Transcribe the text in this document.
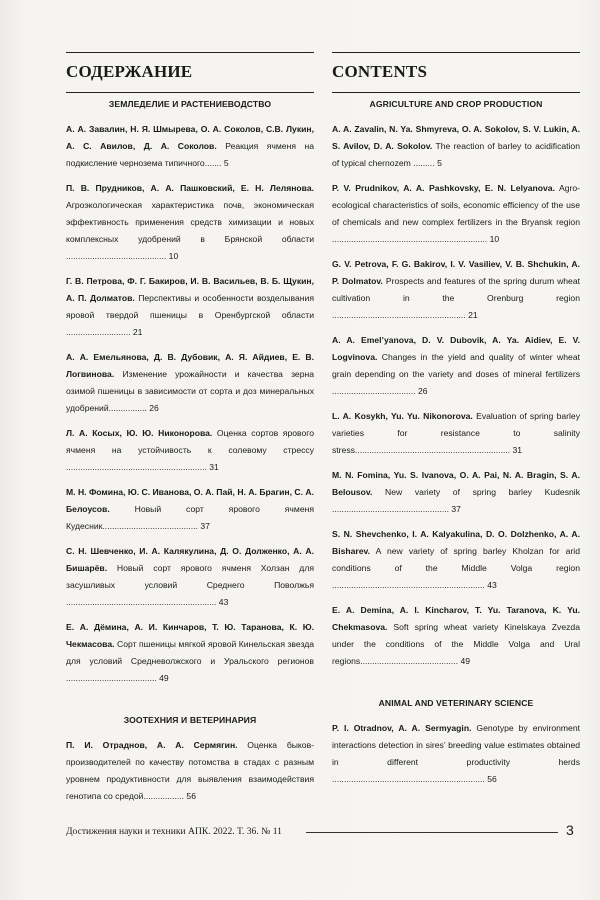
СОДЕРЖАНИЕ
ЗЕМЛЕДЕЛИЕ И РАСТЕНИЕВОДСТВО
А. А. Завалин, Н. Я. Шмырева, О. А. Соколов, С.В. Лукин, А. С. Авилов, Д. А. Соколов. Реакция ячменя на подкисление чернозема типичного....... 5
П. В. Прудников, А. А. Пашковский, Е. Н. Лелянова. Агроэкологическая характеристика почв, экономическая эффективность применения средств химизации и новых комплексных удобрений в Брянской области .......................................... 10
Г. В. Петрова, Ф. Г. Бакиров, И. В. Васильев, В. Б. Щукин, А. П. Долматов. Перспективы и особенности возделывания яровой твердой пшеницы в Оренбургской области ........................... 21
А. А. Емельянова, Д. В. Дубовик, А. Я. Айдиев, Е. В. Логвинова. Изменение урожайности и качества зерна озимой пшеницы в зависимости от сорта и доз минеральных удобрений................ 26
Л. А. Косых, Ю. Ю. Никонорова. Оценка сортов ярового ячменя на устойчивость к солевому стрессу ........................................................... 31
М. Н. Фомина, Ю. С. Иванова, О. А. Пай, Н. А. Брагин, С. А. Белоусов. Новый сорт ярового ячменя Кудесник........................................ 37
С. Н. Шевченко, И. А. Калякулина, Д. О. Долженко, А. А. Бишарёв. Новый сорт ярового ячменя Холзан для засушливых условий Среднего Поволжья ............................................................... 43
Е. А. Дёмина, А. И. Кинчаров, Т. Ю. Таранова, К. Ю. Чекмасова. Сорт пшеницы мягкой яровой Кинельская звезда для условий Средневолжского и Уральского регионов ...................................... 49
ЗООТЕХНИЯ И ВЕТЕРИНАРИЯ
П. И. Отраднов, А. А. Сермягин. Оценка быков-производителей по качеству потомства в стадах с разным уровнем продуктивности для выявления взаимодействия генотипа со средой................. 56
CONTENTS
AGRICULTURE AND CROP PRODUCTION
A. A. Zavalin, N. Ya. Shmyreva, O. A. Sokolov, S. V. Lukin, A. S. Avilov, D. A. Sokolov. The reaction of barley to acidification of typical chernozem ......... 5
P. V. Prudnikov, A. A. Pashkovsky, E. N. Lelyanova. Agro-ecological characteristics of soils, economic efficiency of the use of chemicals and new complex fertilizers in the Bryansk region ................................................................. 10
G. V. Petrova, F. G. Bakirov, I. V. Vasiliev, V. B. Shchukin, A. P. Dolmatov. Prospects and features of the spring durum wheat cultivation in the Orenburg region ........................................................ 21
A. A. Emel’yanova, D. V. Dubovik, A. Ya. Aidiev, E. V. Logvinova. Changes in the yield and quality of winter wheat grain depending on the variety and doses of mineral fertilizers ................................... 26
L. A. Kosykh, Yu. Yu. Nikonorova. Evaluation of spring barley varieties for resistance to salinity stress................................................................. 31
M. N. Fomina, Yu. S. Ivanova, O. A. Pai, N. A. Bragin, S. A. Belousov. New variety of spring barley Kudesnik ................................................. 37
S. N. Shevchenko, I. A. Kalyakulina, D. O. Dolzhenko, A. A. Bisharev. A new variety of spring barley Kholzan for arid conditions of the Middle Volga region ................................................................ 43
E. A. Demina, A. I. Kincharov, T. Yu. Taranova, K. Yu. Chekmasova. Soft spring wheat variety Kinelskaya Zvezda under the conditions of the Middle Volga and Ural regions......................................... 49
ANIMAL AND VETERINARY SCIENCE
P. I. Otradnov, A. A. Sermyagin. Genotype by environment interactions detection in sires’ breeding value estimates obtained in different productivity herds ................................................................ 56
Достижения науки и техники АПК. 2022. Т. 36. № 11	3
